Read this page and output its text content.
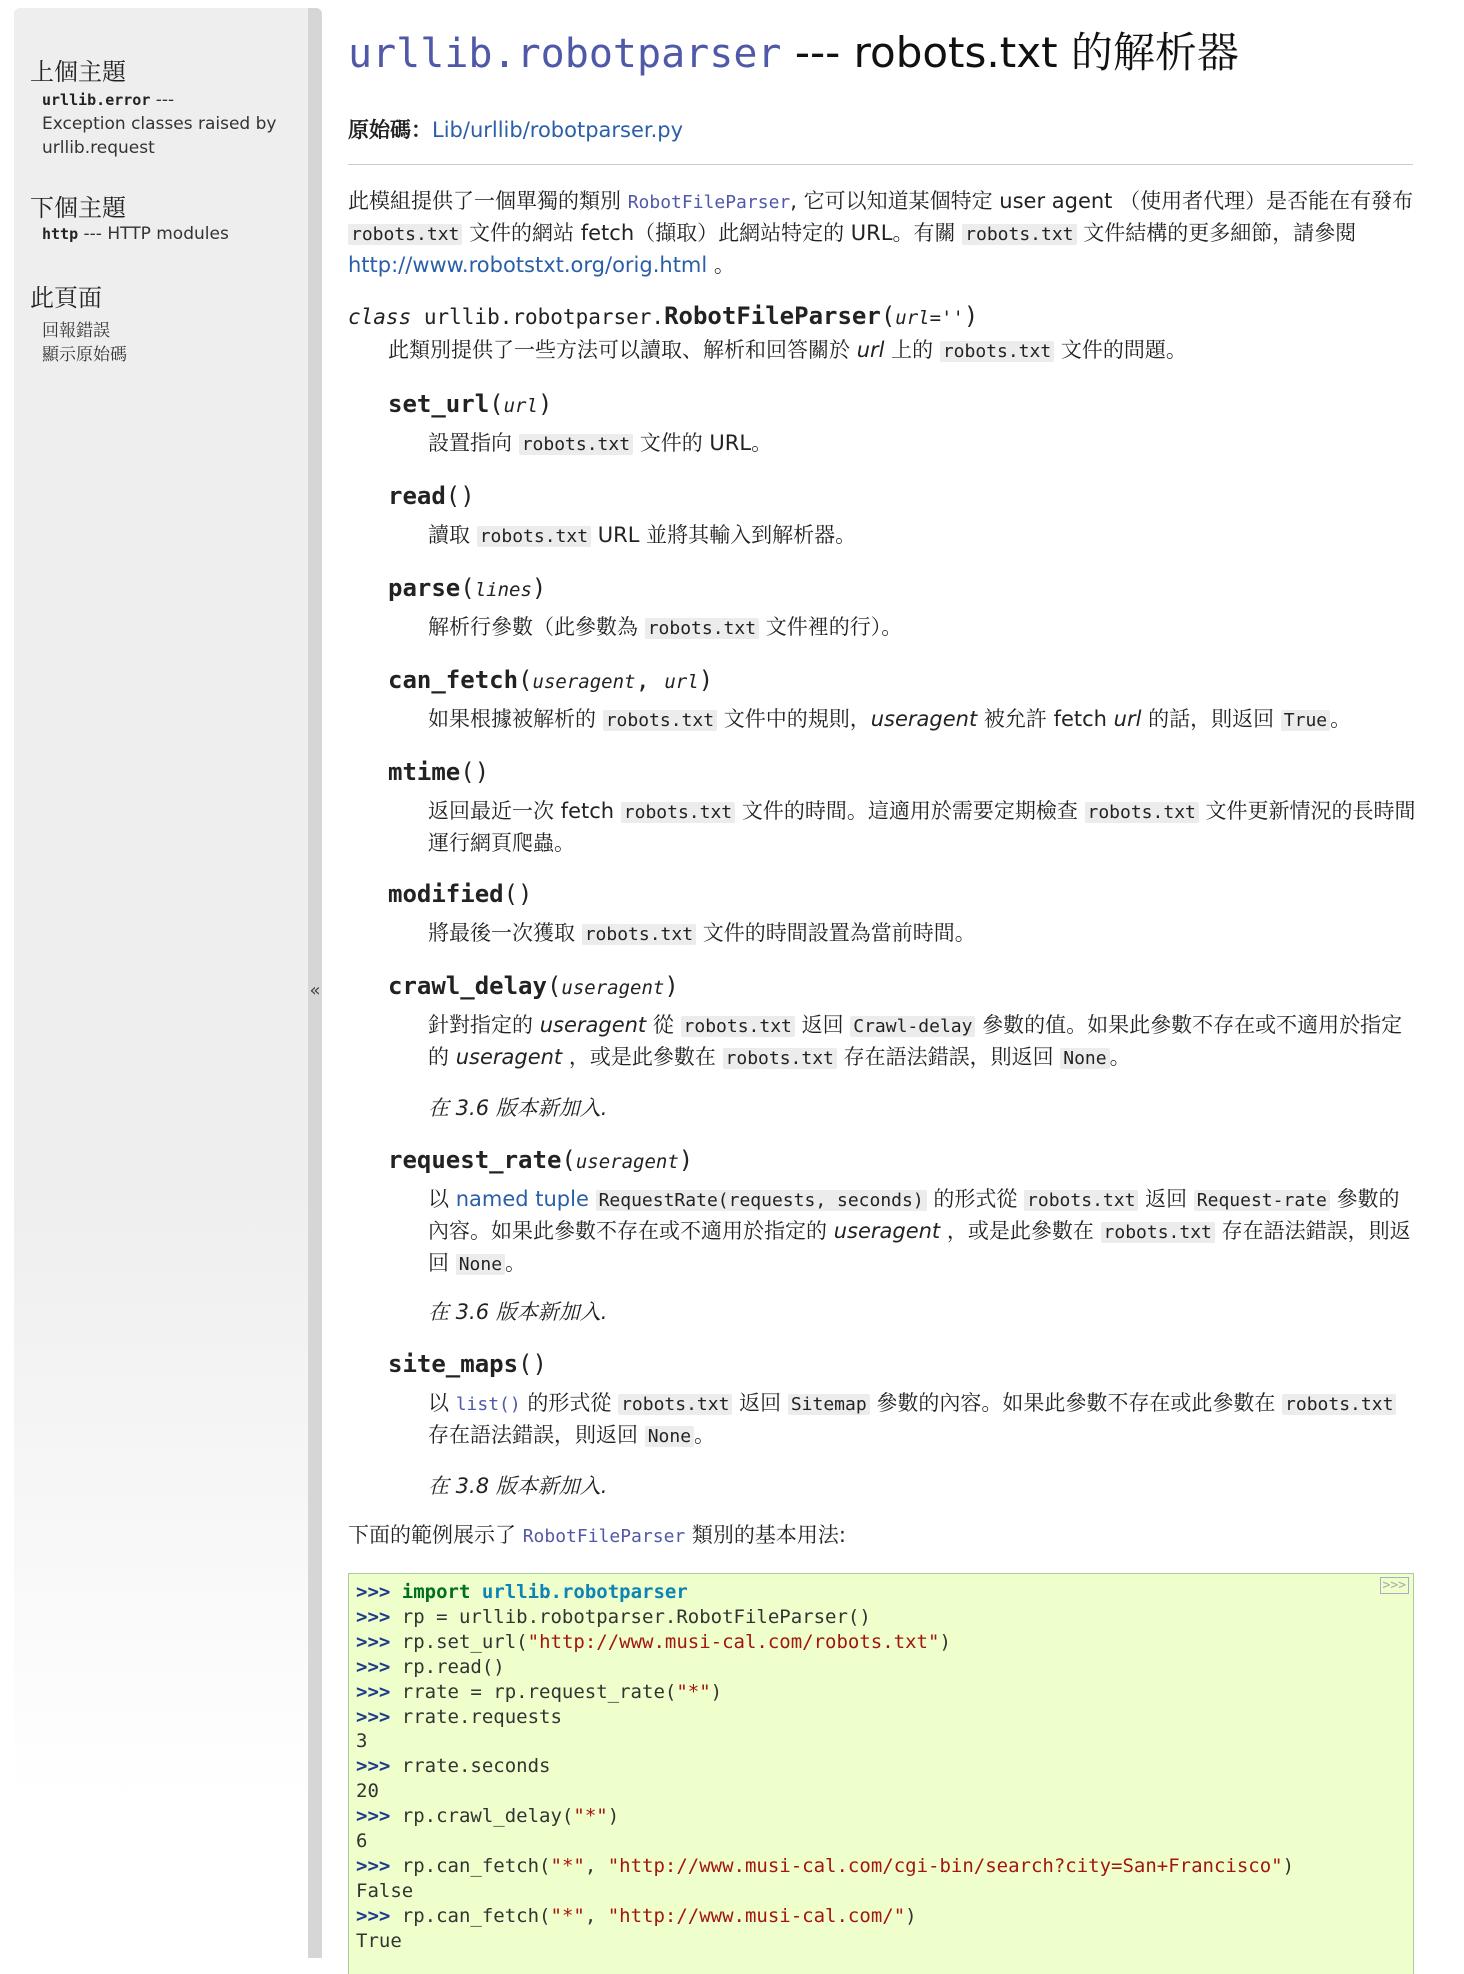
上個主題
urllib.error ---
Exception classes raised by
urllib.request
下個主題
http --- HTTP modules
此頁面
回報錯誤
顯示原始碼
«
urllib.robotparser --- robots.txt 的解析器
原始碼：Lib/urllib/robotparser.py
此模組提供了一個單獨的類別 RobotFileParser, 它可以知道某個特定 user agent （使用者代理）是否能在有發布 robots.txt 文件的網站 fetch（擷取）此網站特定的 URL。有關 robots.txt 文件結構的更多細節，請參閱 http://www.robotstxt.org/orig.html 。
class urllib.robotparser.RobotFileParser(url='')
此類別提供了一些方法可以讀取、解析和回答關於 url 上的 robots.txt 文件的問題。
set_url(url)
設置指向 robots.txt 文件的 URL。
read()
讀取 robots.txt URL 並將其輸入到解析器。
parse(lines)
解析行參數（此參數為 robots.txt 文件裡的行）。
can_fetch(useragent, url)
如果根據被解析的 robots.txt 文件中的規則，useragent 被允許 fetch url 的話，則返回 True 。
mtime()
返回最近一次 fetch robots.txt 文件的時間。這適用於需要定期檢查 robots.txt 文件更新情況的長時間運行網頁爬蟲。
modified()
將最後一次獲取 robots.txt 文件的時間設置為當前時間。
crawl_delay(useragent)
針對指定的 useragent 從 robots.txt 返回 Crawl-delay 參數的值。如果此參數不存在或不適用於指定的 useragent ，或是此參數在 robots.txt 存在語法錯誤，則返回 None 。
在 3.6 版本新加入.
request_rate(useragent)
以 named tuple RequestRate(requests, seconds) 的形式從 robots.txt 返回 Request-rate 參數的內容。如果此參數不存在或不適用於指定的 useragent ，或是此參數在 robots.txt 存在語法錯誤，則返回 None 。
在 3.6 版本新加入.
site_maps()
以 list() 的形式從 robots.txt 返回 Sitemap 參數的內容。如果此參數不存在或此參數在 robots.txt 存在語法錯誤，則返回 None 。
在 3.8 版本新加入.
下面的範例展示了 RobotFileParser 類別的基本用法:
>>>
>>> import urllib.robotparser
>>> rp = urllib.robotparser.RobotFileParser()
>>> rp.set_url("http://www.musi-cal.com/robots.txt")
>>> rp.read()
>>> rrate = rp.request_rate("*")
>>> rrate.requests
3
>>> rrate.seconds
20
>>> rp.crawl_delay("*")
6
>>> rp.can_fetch("*", "http://www.musi-cal.com/cgi-bin/search?city=San+Francisco")
False
>>> rp.can_fetch("*", "http://www.musi-cal.com/")
True
